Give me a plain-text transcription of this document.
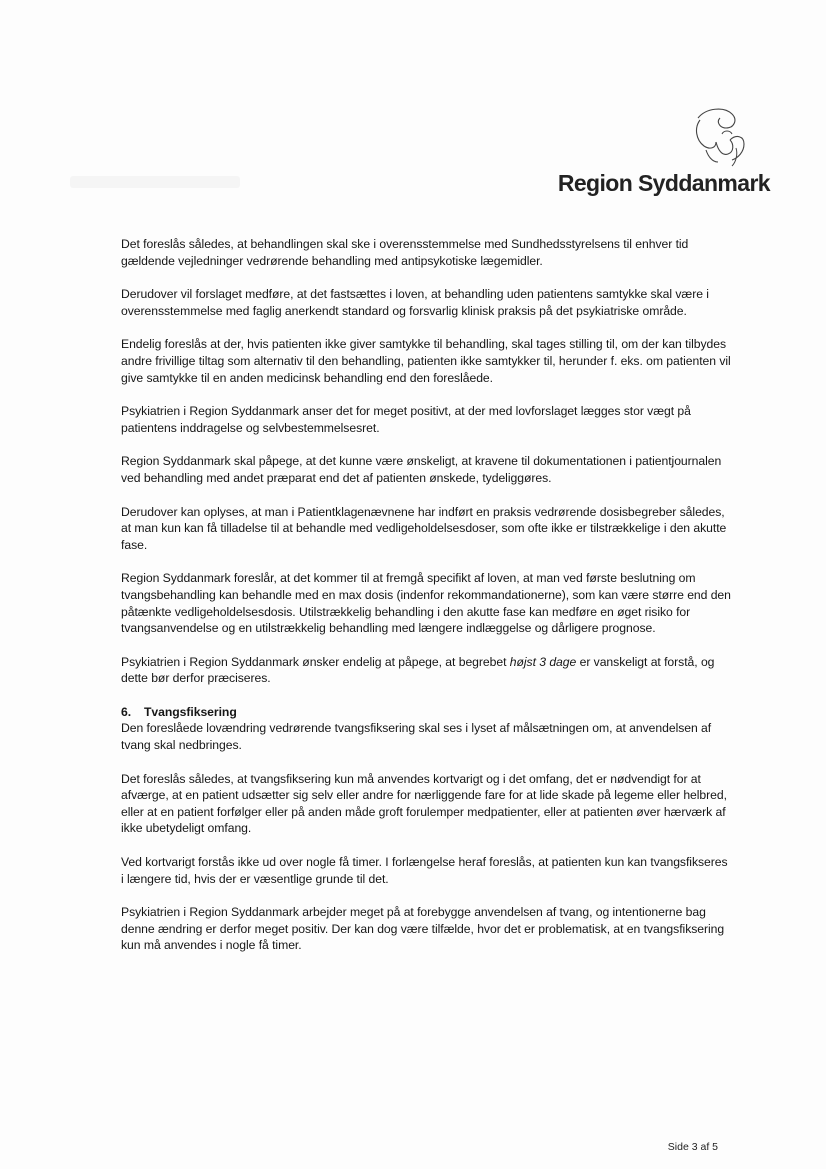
Region Syddanmark

Det foreslås således, at behandlingen skal ske i overensstemmelse med Sundhedsstyrelsens til enhver tid gældende vejledninger vedrørende behandling med antipsykotiske lægemidler.

Derudover vil forslaget medføre, at det fastsættes i loven, at behandling uden patientens samtykke skal være i overensstemmelse med faglig anerkendt standard og forsvarlig klinisk praksis på det psykiatriske område.

Endelig foreslås at der, hvis patienten ikke giver samtykke til behandling, skal tages stilling til, om der kan tilbydes andre frivillige tiltag som alternativ til den behandling, patienten ikke samtykker til, herunder f. eks. om patienten vil give samtykke til en anden medicinsk behandling end den foreslåede.

Psykiatrien i Region Syddanmark anser det for meget positivt, at der med lovforslaget lægges stor vægt på patientens inddragelse og selvbestemmelsesret.

Region Syddanmark skal påpege, at det kunne være ønskeligt, at kravene til dokumentationen i patientjournalen ved behandling med andet præparat end det af patienten ønskede, tydeliggøres.

Derudover kan oplyses, at man i Patientklagenævnene har indført en praksis vedrørende dosisbegreber således, at man kun kan få tilladelse til at behandle med vedligeholdelsesdoser, som ofte ikke er tilstrækkelige i den akutte fase.

Region Syddanmark foreslår, at det kommer til at fremgå specifikt af loven, at man ved første beslutning om tvangsbehandling kan behandle med en max dosis (indenfor rekommandationerne), som kan være større end den påtænkte vedligeholdelsesdosis. Utilstrækkelig behandling i den akutte fase kan medføre en øget risiko for tvangsanvendelse og en utilstrækkelig behandling med længere indlæggelse og dårligere prognose.

Psykiatrien i Region Syddanmark ønsker endelig at påpege, at begrebet højst 3 dage er vanskeligt at forstå, og dette bør derfor præciseres.

6. Tvangsfiksering

Den foreslåede lovændring vedrørende tvangsfiksering skal ses i lyset af målsætningen om, at anvendelsen af tvang skal nedbringes.

Det foreslås således, at tvangsfiksering kun må anvendes kortvarigt og i det omfang, det er nødvendigt for at afværge, at en patient udsætter sig selv eller andre for nærliggende fare for at lide skade på legeme eller helbred, eller at en patient forfølger eller på anden måde groft forulemper medpatienter, eller at patienten øver hærværk af ikke ubetydeligt omfang.

Ved kortvarigt forstås ikke ud over nogle få timer. I forlængelse heraf foreslås, at patienten kun kan tvangsfikseres i længere tid, hvis der er væsentlige grunde til det.

Psykiatrien i Region Syddanmark arbejder meget på at forebygge anvendelsen af tvang, og intentionerne bag denne ændring er derfor meget positiv. Der kan dog være tilfælde, hvor det er problematisk, at en tvangsfiksering kun må anvendes i nogle få timer.

Side 3 af 5
